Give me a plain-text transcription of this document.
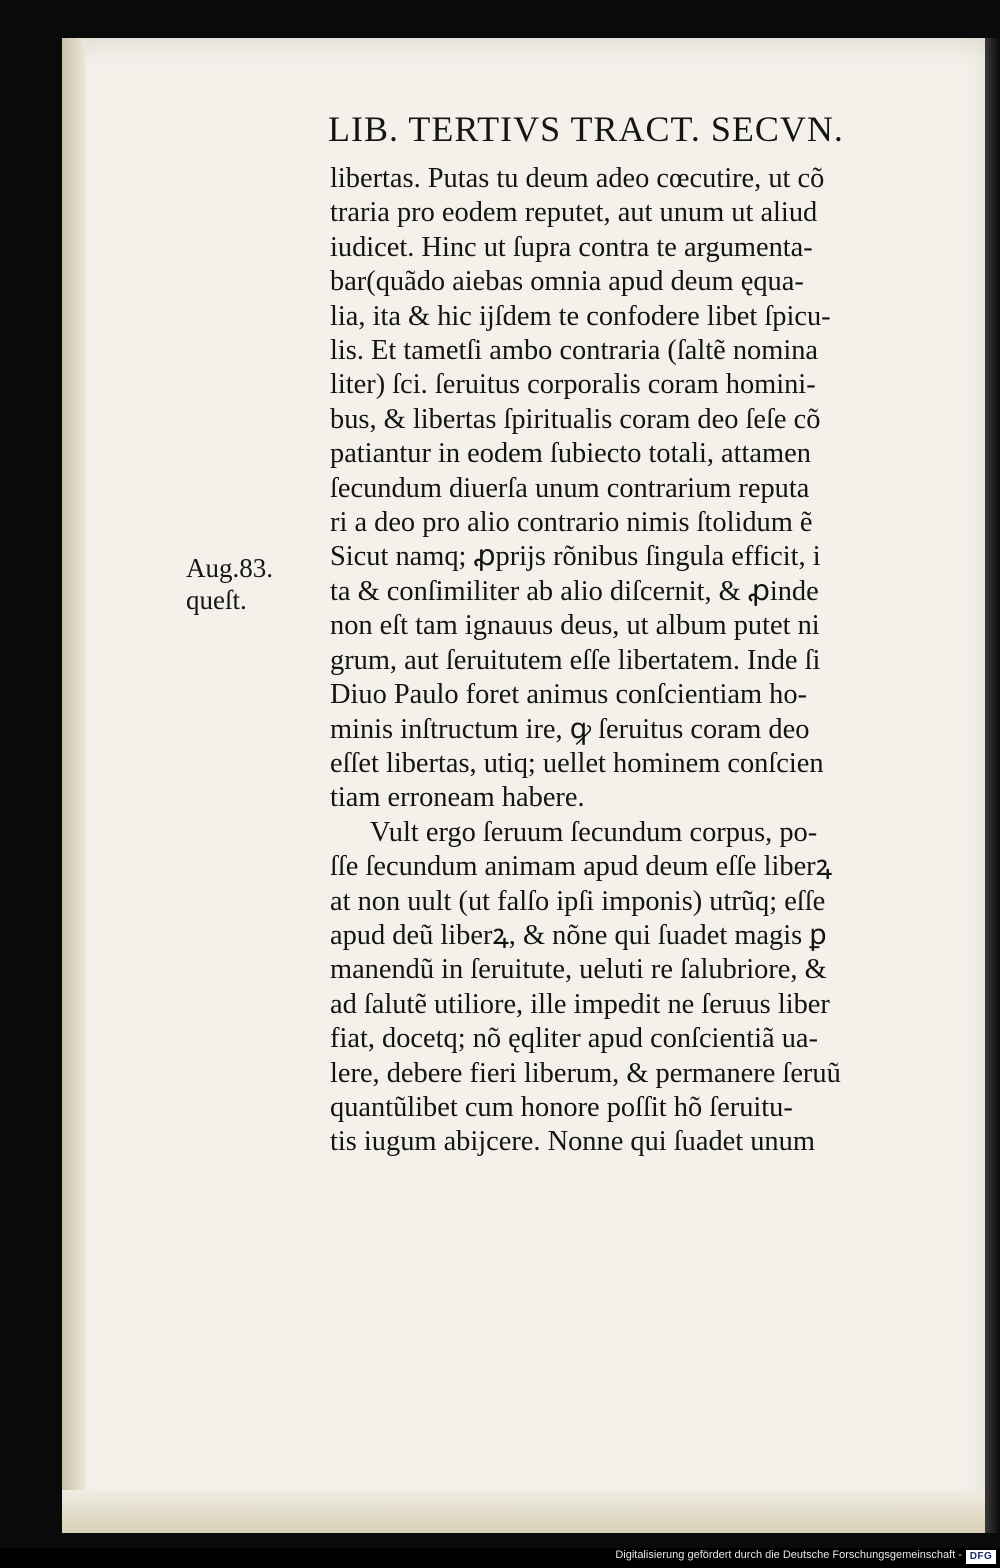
LIB. TERTIVS TRACT. SECVN.
Aug.83.
queſt.
libertas. Putas tu deum adeo cœcutire, ut cõ
traria pro eodem reputet, aut unum ut aliud
iudicet. Hinc ut ſupra contra te argumenta-
bar(quãdo aiebas omnia apud deum ęqua-
lia, ita & hic ijſdem te confodere libet ſpicu-
lis. Et tametſi ambo contraria (ſaltẽ nomina
liter) ſci. ſeruitus corporalis coram homini-
bus, & libertas ſpiritualis coram deo ſeſe cõ
patiantur in eodem ſubiecto totali, attamen
ſecundum diuerſa unum contrarium reputa
ri a deo pro alio contrario nimis ſtolidum ẽ
Sicut namq; ꝓprijs rõnibus ſingula efficit, i
ta & conſimiliter ab alio diſcernit, & ꝓinde
non eſt tam ignauus deus, ut album putet ni
grum, aut ſeruitutem eſſe libertatem. Inde ſi
Diuo Paulo foret animus conſcientiam ho-
minis inſtructum ire, ꝙ ſeruitus coram deo
eſſet libertas, utiq; uellet hominem conſcien
tiam erroneam habere.
Vult ergo ſeruum ſecundum corpus, po-
ſſe ſecundum animam apud deum eſſe liberꝝ
at non uult (ut falſo ipſi imponis) utrũq; eſſe
apud deũ liberꝝ, & nõne qui ſuadet magis ꝑ
manendũ in ſeruitute, ueluti re ſalubriore, &
ad ſalutẽ utiliore, ille impedit ne ſeruus liber
fiat, docetq; nõ ęqliter apud conſcientiã ua-
lere, debere fieri liberum, & permanere ſeruũ
quantũlibet cum honore poſſit hõ ſeruitu-
tis iugum abijcere. Nonne qui ſuadet unum
Digitalisierung gefördert durch die Deutsche Forschungsgemeinschaft - DFG
